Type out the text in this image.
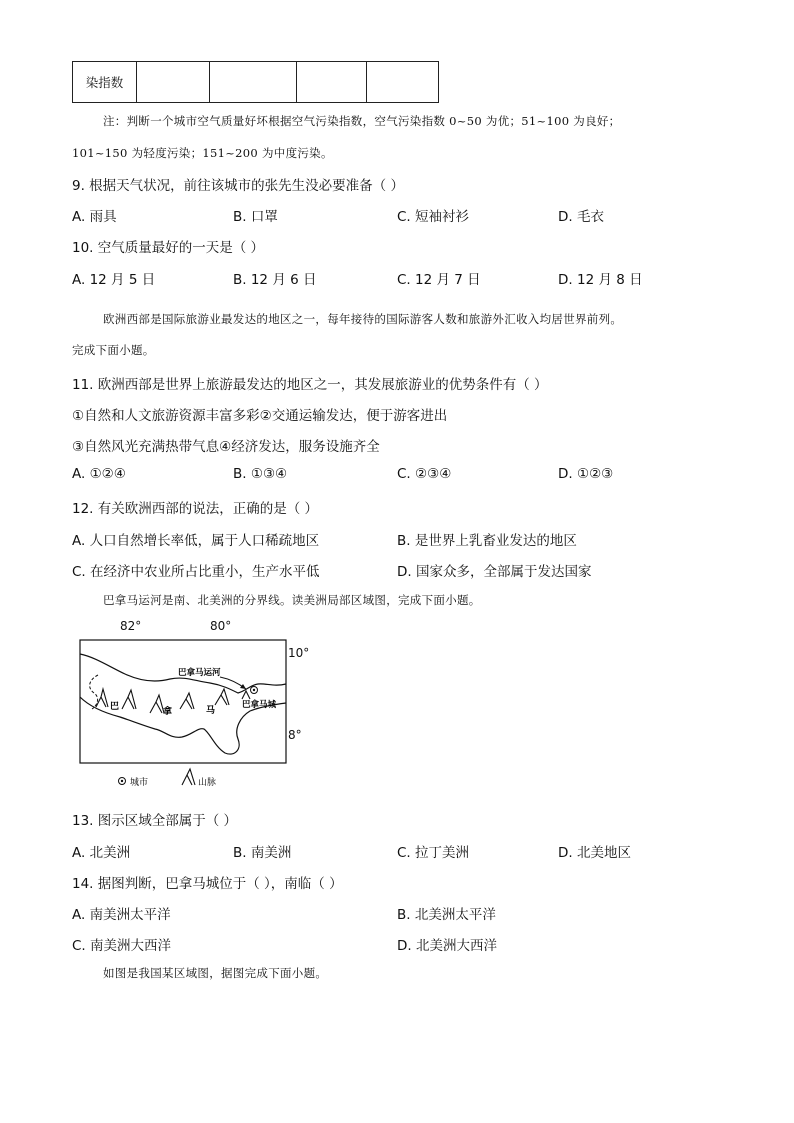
染指数				
注：判断一个城市空气质量好坏根据空气污染指数，空气污染指数 0~50 为优；51~100 为良好；
101~150 为轻度污染；151~200 为中度污染。
9. 根据天气状况，前往该城市的张先生没必要准备（ ）
A. 雨具	B. 口罩	C. 短袖衬衫	D. 毛衣
10. 空气质量最好的一天是（ ）
A. 12 月 5 日	B. 12 月 6 日	C. 12 月 7 日	D. 12 月 8 日
欧洲西部是国际旅游业最发达的地区之一，每年接待的国际游客人数和旅游外汇收入均居世界前列。
完成下面小题。
11. 欧洲西部是世界上旅游最发达的地区之一，其发展旅游业的优势条件有（ ）
①自然和人文旅游资源丰富多彩②交通运输发达，便于游客进出
③自然风光充满热带气息④经济发达，服务设施齐全
A. ①②④	B. ①③④	C. ②③④	D. ①②③
12. 有关欧洲西部的说法，正确的是（ ）
A. 人口自然增长率低，属于人口稀疏地区	B. 是世界上乳畜业发达的地区
C. 在经济中农业所占比重小，生产水平低	D. 国家众多，全部属于发达国家
巴拿马运河是南、北美洲的分界线。读美洲局部区域图，完成下面小题。
82°	80°
10°
8°
巴拿马运河
巴拿马城
巴	拿	马
城市	山脉
13. 图示区域全部属于（ ）
A. 北美洲	B. 南美洲	C. 拉丁美洲	D. 北美地区
14. 据图判断，巴拿马城位于（ ），南临（ ）
A. 南美洲太平洋	B. 北美洲太平洋
C. 南美洲大西洋	D. 北美洲大西洋
如图是我国某区域图，据图完成下面小题。
